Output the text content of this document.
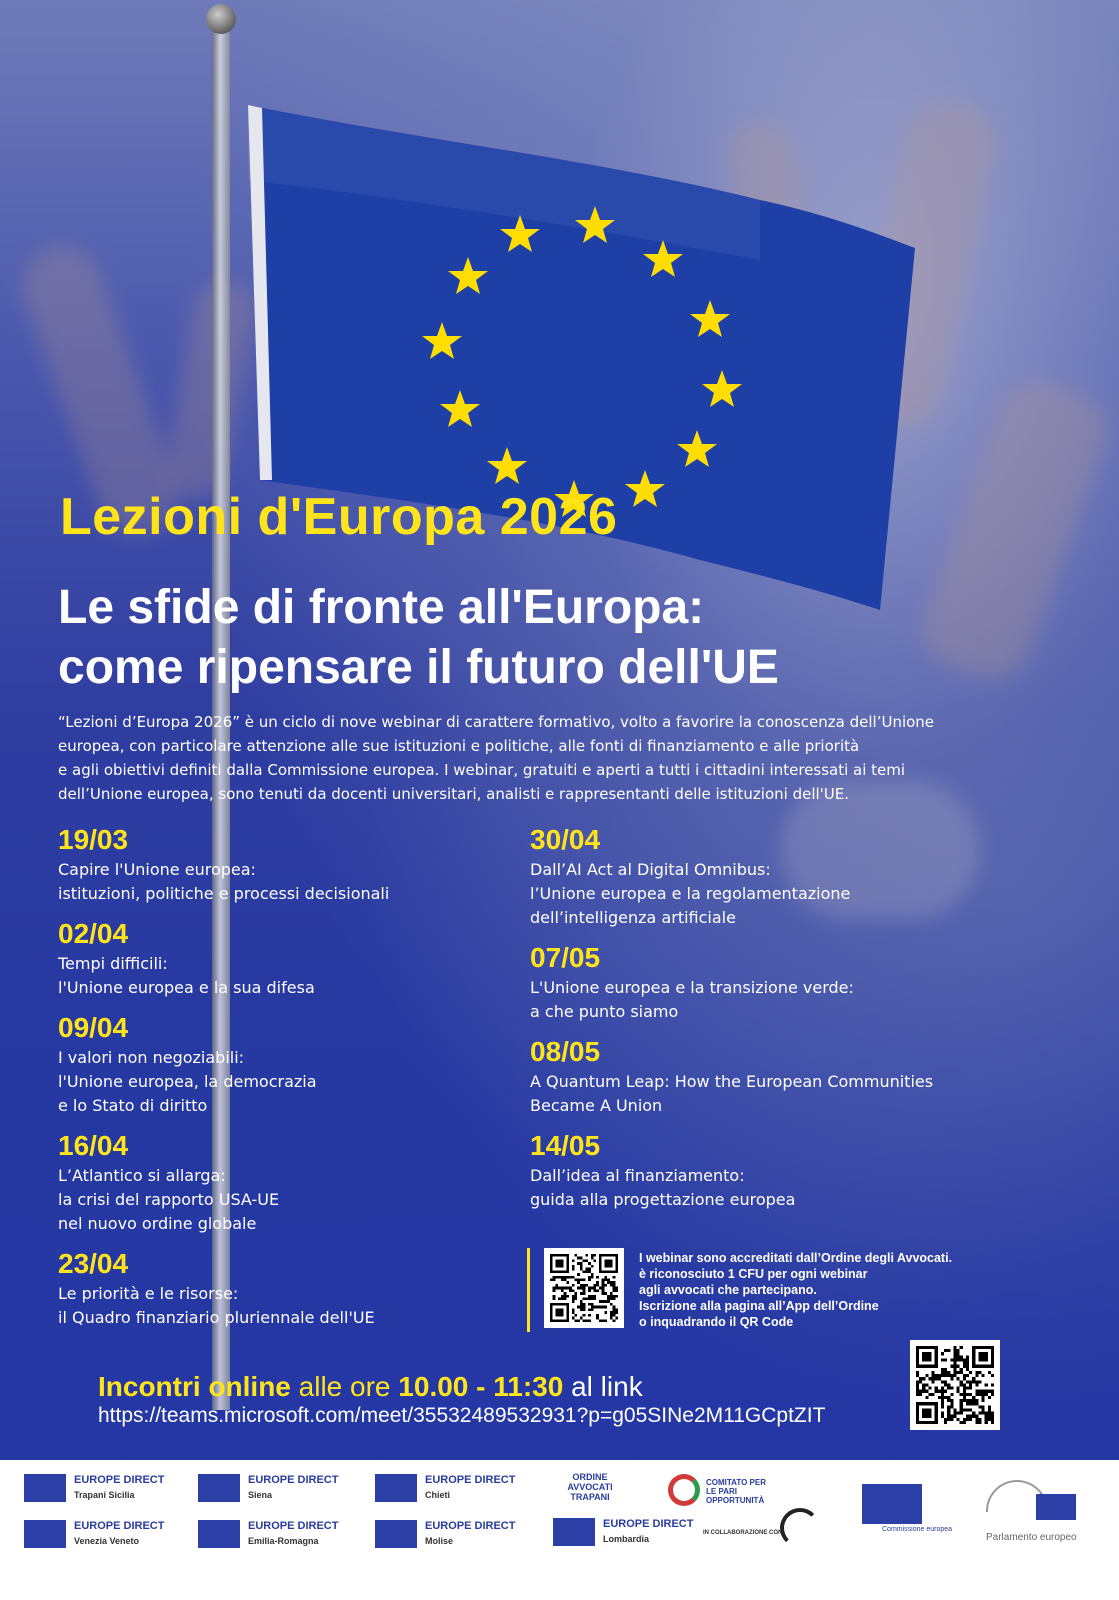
Lezioni d'Europa 2026
Le sfide di fronte all'Europa:
come ripensare il futuro dell'UE
“Lezioni d’Europa 2026” è un ciclo di nove webinar di carattere formativo, volto a favorire la conoscenza dell’Unione
europea, con particolare attenzione alle sue istituzioni e politiche, alle fonti di finanziamento e alle priorità
e agli obiettivi definiti dalla Commissione europea. I webinar, gratuiti e aperti a tutti i cittadini interessati ai temi
dell’Unione europea, sono tenuti da docenti universitari, analisti e rappresentanti delle istituzioni dell'UE.
19/03
Capire l'Unione europea:
istituzioni, politiche e processi decisionali
02/04
Tempi difficili:
l'Unione europea e la sua difesa
09/04
I valori non negoziabili:
l'Unione europea, la democrazia
e lo Stato di diritto
16/04
L’Atlantico si allarga:
la crisi del rapporto USA-UE
nel nuovo ordine globale
23/04
Le priorità e le risorse:
il Quadro finanziario pluriennale dell'UE
30/04
Dall’AI Act al Digital Omnibus:
l’Unione europea e la regolamentazione
dell’intelligenza artificiale
07/05
L'Unione europea e la transizione verde:
a che punto siamo
08/05
A Quantum Leap: How the European Communities
Became A Union
14/05
Dall’idea al finanziamento:
guida alla progettazione europea
I webinar sono accreditati dall’Ordine degli Avvocati.
è riconosciuto 1 CFU per ogni webinar
agli avvocati che partecipano.
Iscrizione alla pagina all’App dell’Ordine
o inquadrando il QR Code
Incontri online alle ore 10.00 - 11:30 al link
https://teams.microsoft.com/meet/35532489532931?p=g05SINe2M11GCptZIT
EUROPE DIRECT
Trapani Sicilia
EUROPE DIRECT
Siena
EUROPE DIRECT
Chieti
EUROPE DIRECT
Venezia Veneto
EUROPE DIRECT
Emilia-Romagna
EUROPE DIRECT
Molise
EUROPE DIRECT
Lombardia
ORDINE AVVOCATI TRAPANI
COMITATO PER LE PARI OPPORTUNITÀ
IN COLLABORAZIONE CON	Commissione europea
Parlamento europeo
